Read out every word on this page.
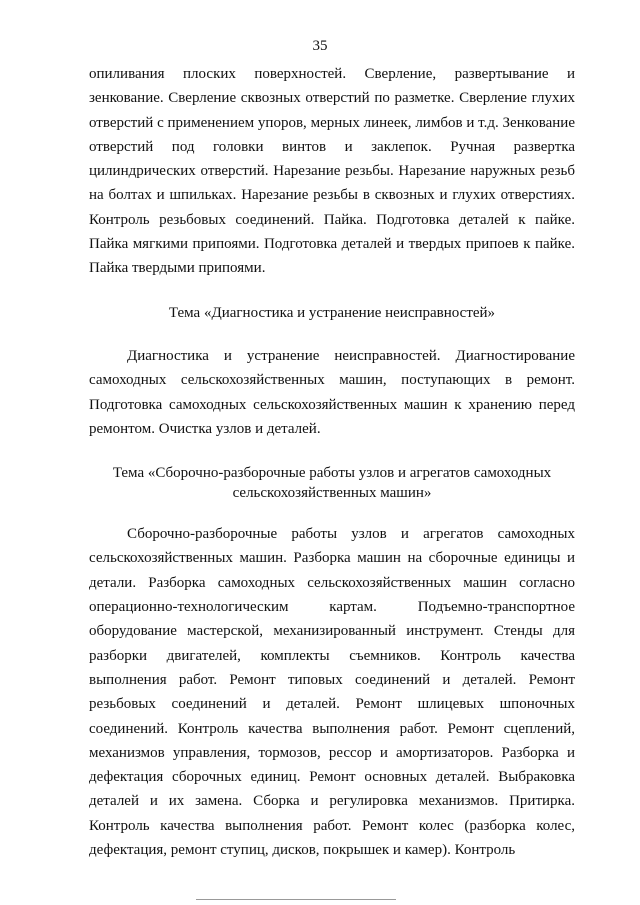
35

опиливания плоских поверхностей. Сверление, развертывание и зенкование. Сверление сквозных отверстий по разметке. Сверление глухих отверстий с применением упоров, мерных линеек, лимбов и т.д. Зенкование отверстий под головки винтов и заклепок. Ручная развертка цилиндрических отверстий. Нарезание резьбы. Нарезание наружных резьб на болтах и шпильках. Нарезание резьбы в сквозных и глухих отверстиях. Контроль резьбовых соединений. Пайка. Подготовка деталей к пайке. Пайка мягкими припоями. Подготовка деталей и твердых припоев к пайке. Пайка твердыми припоями.

Тема «Диагностика и устранение неисправностей»

Диагностика и устранение неисправностей. Диагностирование самоходных сельскохозяйственных машин, поступающих в ремонт. Подготовка самоходных сельскохозяйственных машин к хранению перед ремонтом. Очистка узлов и деталей.

Тема «Сборочно-разборочные работы узлов и агрегатов самоходных
сельскохозяйственных машин»

Сборочно-разборочные работы узлов и агрегатов самоходных сельскохозяйственных машин. Разборка машин на сборочные единицы и детали. Разборка самоходных сельскохозяйственных машин согласно операционно-технологическим картам. Подъемно-транспортное оборудование мастерской, механизированный инструмент. Стенды для разборки двигателей, комплекты съемников. Контроль качества выполнения работ. Ремонт типовых соединений и деталей. Ремонт резьбовых соединений и деталей. Ремонт шлицевых шпоночных соединений. Контроль качества выполнения работ. Ремонт сцеплений, механизмов управления, тормозов, рессор и амортизаторов. Разборка и дефектация сборочных единиц. Ремонт основных деталей. Выбраковка деталей и их замена. Сборка и регулировка механизмов. Притирка. Контроль качества выполнения работ. Ремонт колес (разборка колес, дефектация, ремонт ступиц, дисков, покрышек и камер). Контроль
